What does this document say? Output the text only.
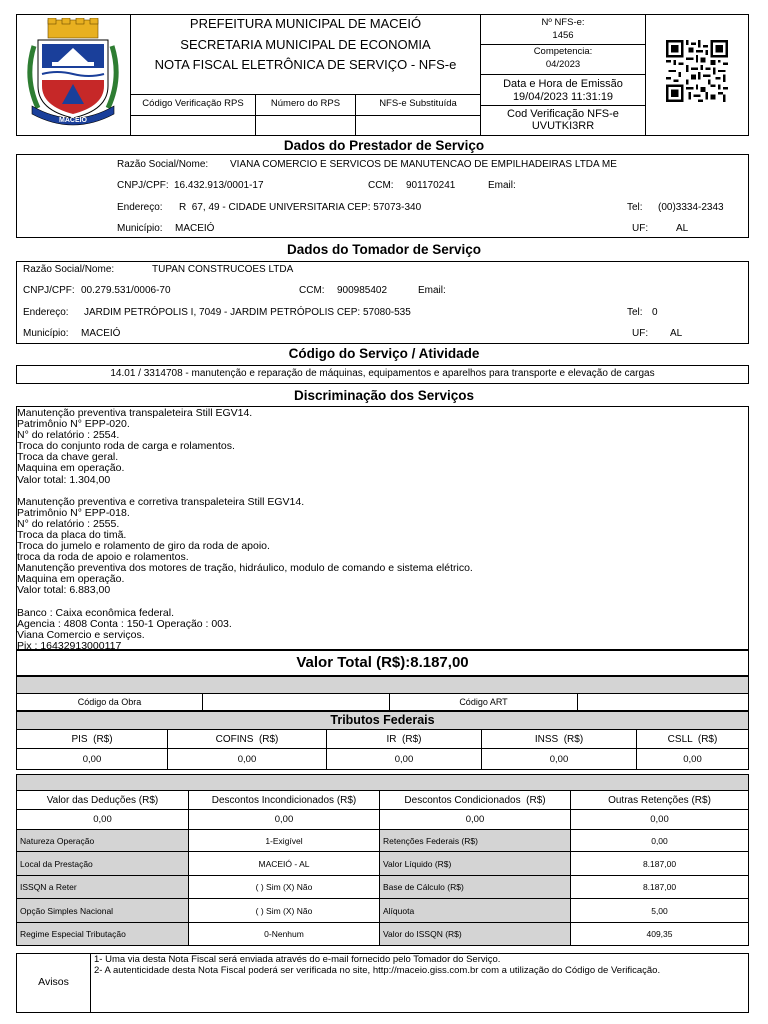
MACEIÓ
PREFEITURA MUNICIPAL DE MACEIÓ
SECRETARIA MUNICIPAL DE ECONOMIA
NOTA FISCAL ELETRÔNICA DE SERVIÇO - NFS-e
Código Verificação RPS	Número do RPS	NFS-e Substituída
Nº NFS-e:
1456
Competencia:
04/2023
Data e Hora de Emissão
19/04/2023 11:31:19
Cod Verificação NFS-e
UVUTKI3RR
Dados do Prestador de Serviço
Razão Social/Nome: VIANA COMERCIO E SERVICOS DE MANUTENCAO DE EMPILHADEIRAS LTDA ME
CNPJ/CPF: 16.432.913/0001-17	CCM: 901170241	Email:
Endereço: R  67, 49 - CIDADE UNIVERSITARIA CEP: 57073-340	Tel: (00)3334-2343
Município: MACEIÓ	UF:	AL
Dados do Tomador de Serviço
Razão Social/Nome:	TUPAN CONSTRUCOES LTDA
CNPJ/CPF: 00.279.531/0006-70	CCM: 900985402	Email:
Endereço: JARDIM PETRÓPOLIS I, 7049 - JARDIM PETRÓPOLIS CEP: 57080-535	Tel: 0
Município: MACEIÓ	UF: AL
Código do Serviço / Atividade
14.01 / 3314708 - manutenção e reparação de máquinas, equipamentos e aparelhos para transporte e elevação de cargas
Discriminação dos Serviços
Manutenção preventiva transpaleteira Still EGV14.
Patrimônio N° EPP-020.
N° do relatório : 2554.
Troca do conjunto roda de carga e rolamentos.
Troca da chave geral.
Maquina em operação.
Valor total: 1.304,00
Manutenção preventiva e corretiva transpaleteira Still EGV14.
Patrimônio N° EPP-018.
N° do relatório : 2555.
Troca da placa do timã.
Troca do jumelo e rolamento de giro da roda de apoio.
troca da roda de apoio e rolamentos.
Manutenção preventiva dos motores de tração, hidráulico, modulo de comando e sistema elétrico.
Maquina em operação.
Valor total: 6.883,00
Banco : Caixa econômica federal.
Agencia : 4808 Conta : 150-1 Operação : 003.
Viana Comercio e serviços.
Pix : 16432913000117
Valor Total (R$):8.187,00
Código da Obra	Código ART
Tributos Federais
PIS  (R$)	COFINS  (R$)	IR  (R$)	INSS  (R$)	CSLL  (R$)
0,00	0,00	0,00	0,00	0,00
Valor das Deduções (R$)	Descontos Incondicionados (R$)	Descontos Condicionados  (R$)	Outras Retenções (R$)
0,00	0,00	0,00	0,00
Natureza Operação	1-Exigível	Retenções Federais (R$)	0,00
Local da Prestação	MACEIÓ - AL	Valor Líquido (R$)	8.187,00
ISSQN a Reter	( ) Sim (X) Não	Base de Cálculo (R$)	8.187,00
Opção Simples Nacional	( ) Sim (X) Não	Alíquota	5,00
Regime Especial Tributação	0-Nenhum	Valor do ISSQN (R$)	409,35
Avisos
1- Uma via desta Nota Fiscal será enviada através do e-mail fornecido pelo Tomador do Serviço.
2- A autenticidade desta Nota Fiscal poderá ser verificada no site, http://maceio.giss.com.br com a utilização do Código de Verificação.
